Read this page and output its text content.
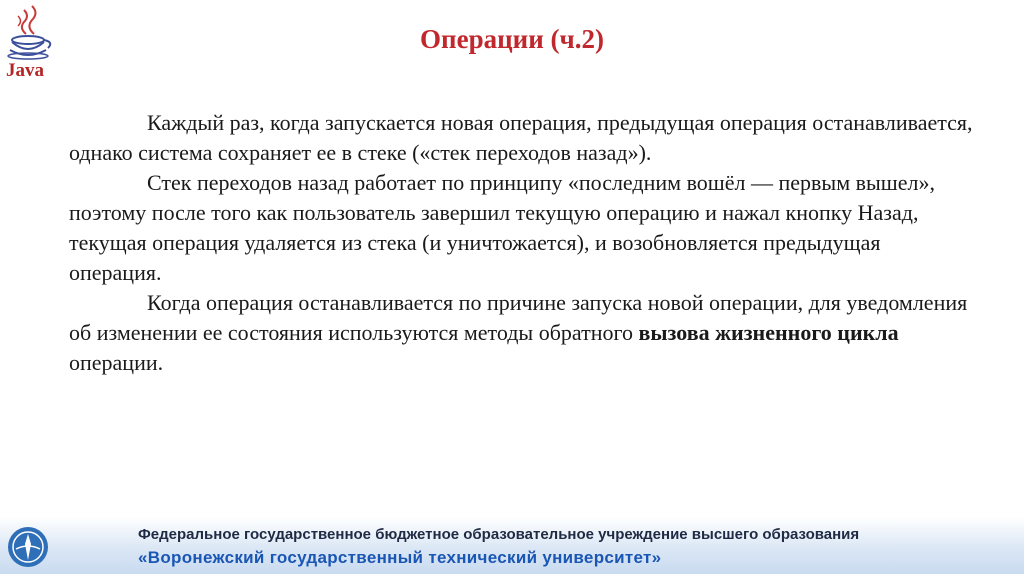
Java
Операции (ч.2)

Каждый раз, когда запускается новая операция, предыдущая операция останавливается, однако система сохраняет ее в стеке («стек переходов назад»).

Стек переходов назад работает по принципу «последним вошёл — первым вышел», поэтому после того как пользователь завершил текущую операцию и нажал кнопку Назад, текущая операция удаляется из стека (и уничтожается), и возобновляется предыдущая операция.

Когда операция останавливается по причине запуска новой операции, для уведомления об изменении ее состояния используются методы обратного вызова жизненного цикла операции.

Федеральное государственное бюджетное образовательное учреждение высшего образования
«Воронежский государственный технический университет»
